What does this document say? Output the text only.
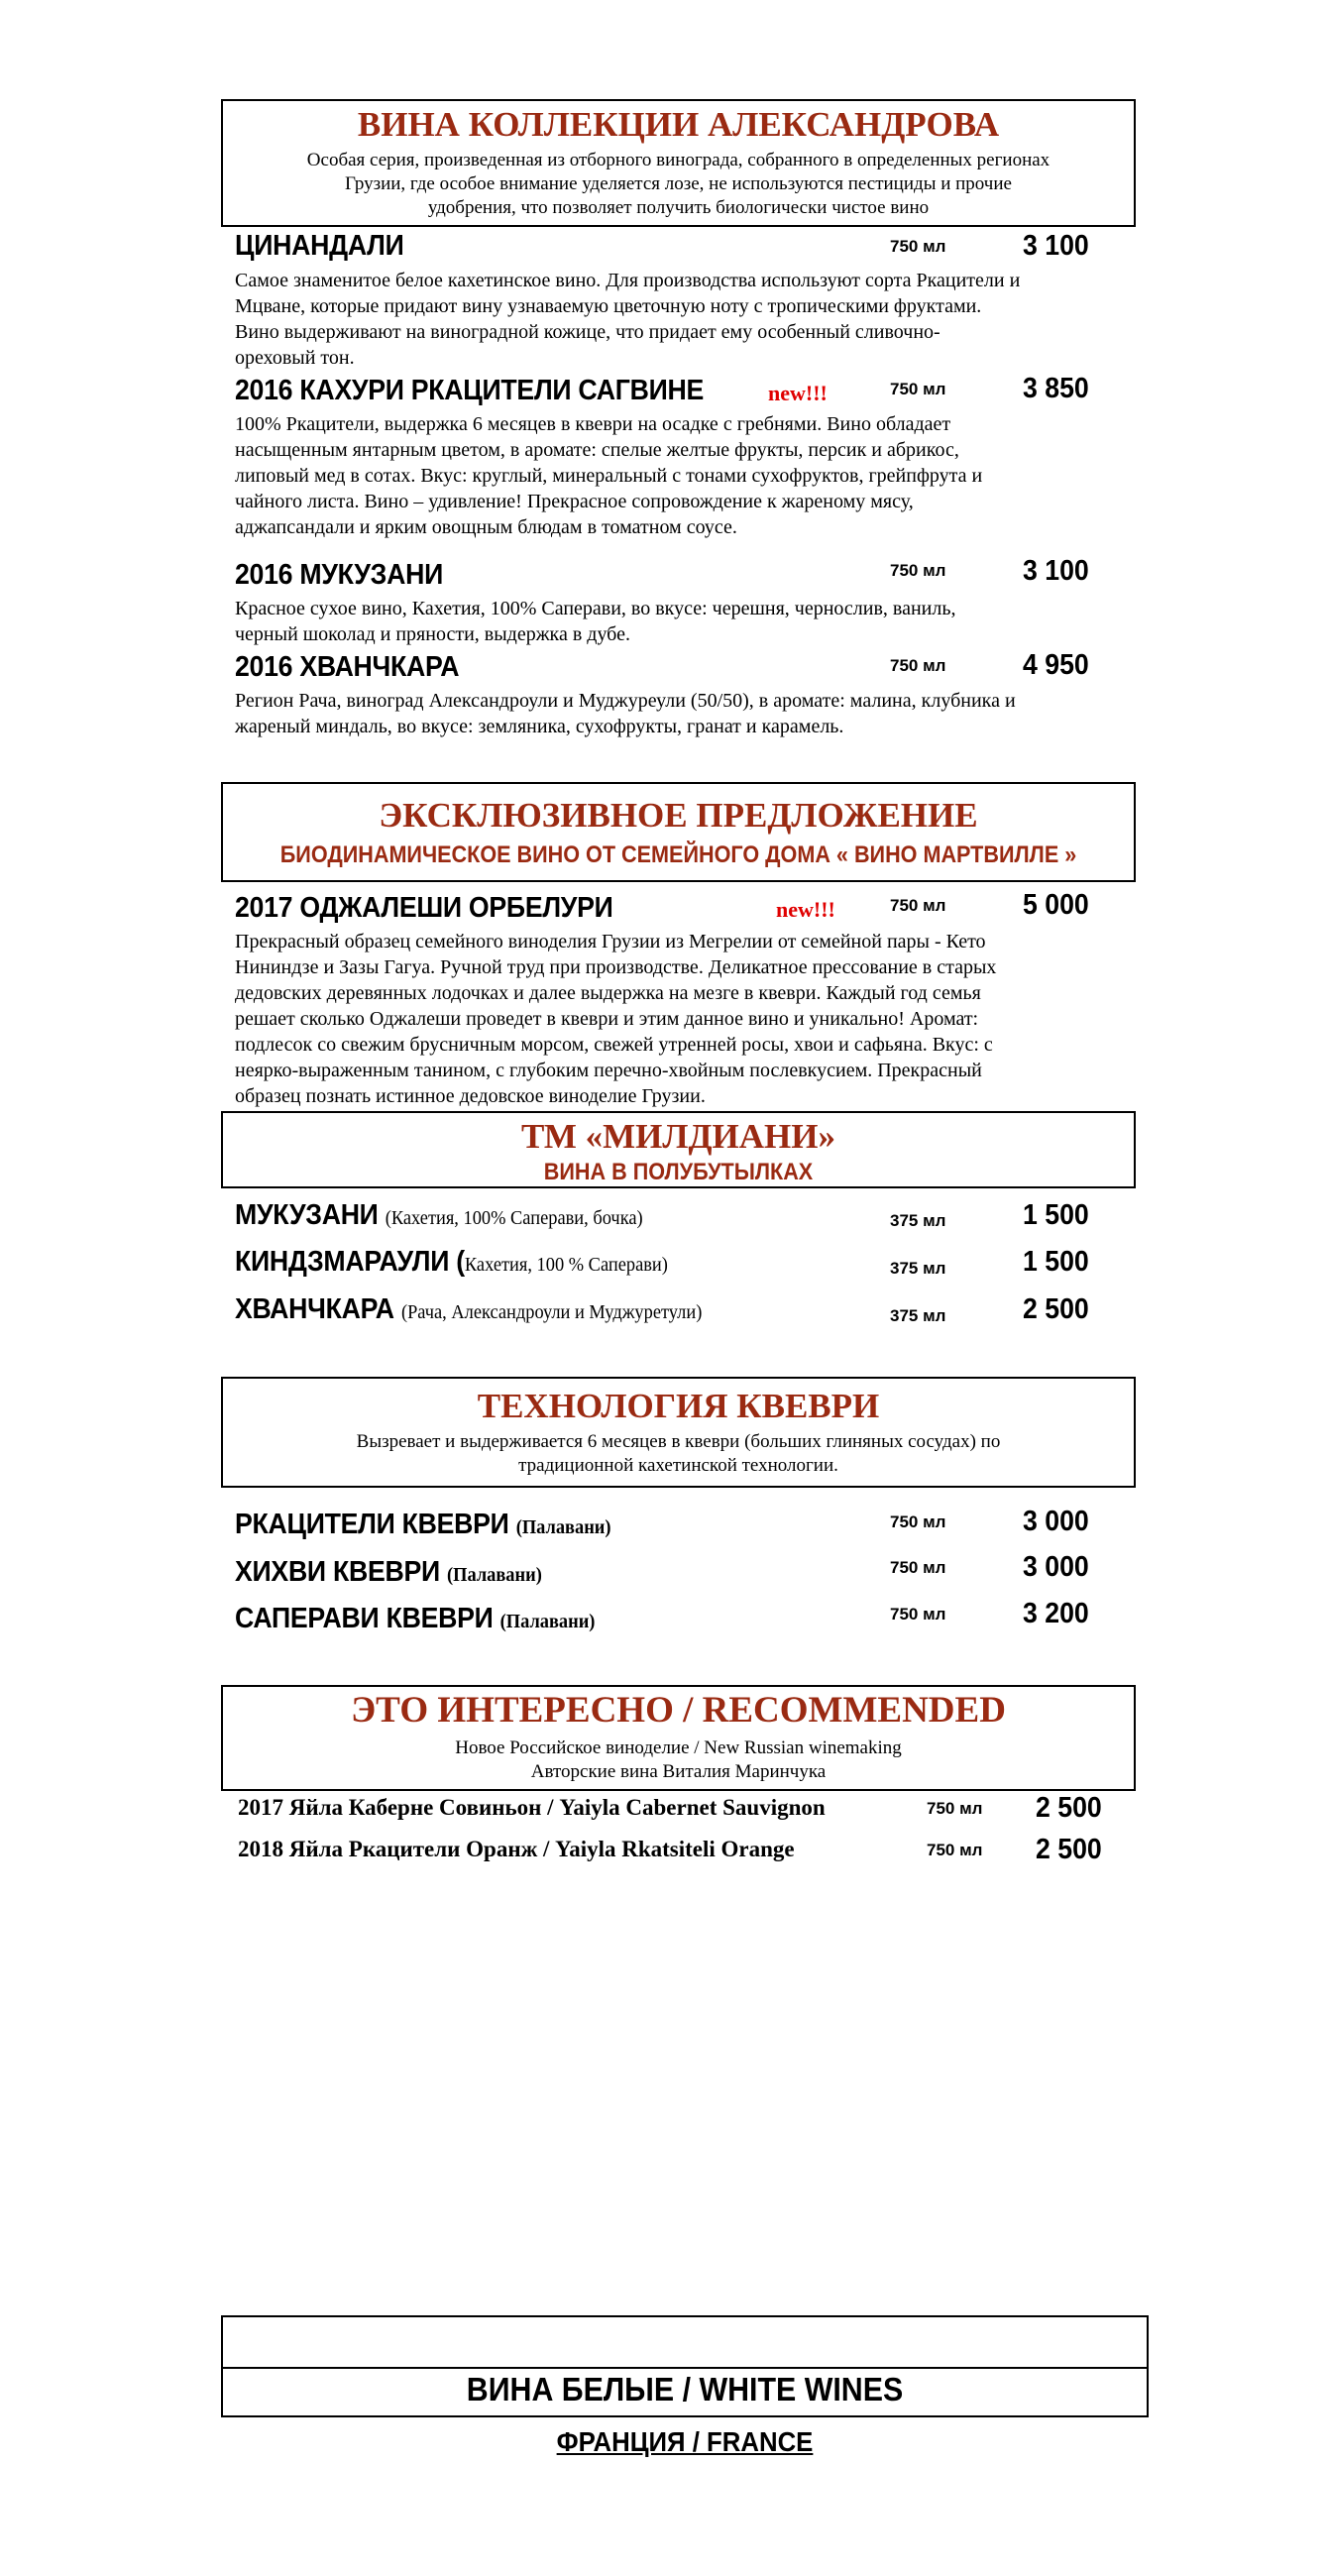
ВИНА КОЛЛЕКЦИИ АЛЕКСАНДРОВА
Особая серия, произведенная из отборного винограда, собранного в определенных регионах
Грузии, где особое внимание уделяется лозе, не используются пестициды и прочие
удобрения, что позволяет получить биологически чистое вино
ЦИНАНДАЛИ	750 мл	3 100
Самое знаменитое белое кахетинское вино. Для производства используют сорта Ркацители и
Мцване, которые придают вину узнаваемую цветочную ноту с тропическими фруктами.
Вино выдерживают на виноградной кожице, что придает ему особенный сливочно-
ореховый тон.
2016 КАХУРИ РКАЦИТЕЛИ САГВИНЕ	new!!!	750 мл	3 850
100% Ркацители, выдержка 6 месяцев в квеври на осадке с гребнями. Вино обладает
насыщенным янтарным цветом, в аромате: спелые желтые фрукты, персик и абрикос,
липовый мед в сотах. Вкус: круглый, минеральный с тонами сухофруктов, грейпфрута и
чайного листа. Вино – удивление! Прекрасное сопровождение к жареному мясу,
аджапсандали и ярким овощным блюдам в томатном соусе.
2016 МУКУЗАНИ	750 мл	3 100
Красное сухое вино, Кахетия, 100% Саперави, во вкусе: черешня, чернослив, ваниль,
черный шоколад и пряности, выдержка в дубе.
2016 ХВАНЧКАРА	750 мл	4 950
Регион Рача, виноград Александроули и Муджуреули (50/50), в аромате: малина, клубника и
жареный миндаль, во вкусе: земляника, сухофрукты, гранат и карамель.
ЭКСКЛЮЗИВНОЕ ПРЕДЛОЖЕНИЕ
БИОДИНАМИЧЕСКОЕ ВИНО ОТ СЕМЕЙНОГО ДОМА « ВИНО МАРТВИЛЛЕ »
2017 ОДЖАЛЕШИ ОРБЕЛУРИ	new!!!	750 мл	5 000
Прекрасный образец семейного виноделия Грузии из Мегрелии от семейной пары - Кето
Нининдзе и Зазы Гагуа. Ручной труд при производстве. Деликатное прессование в старых
дедовских деревянных лодочках и далее выдержка на мезге в квеври. Каждый год семья
решает сколько Оджалеши проведет в квеври и этим данное вино и уникально! Аромат:
подлесок со свежим брусничным морсом, свежей утренней росы, хвои и сафьяна. Вкус: с
неярко-выраженным танином, с глубоким перечно-хвойным послевкусием. Прекрасный
образец познать истинное дедовское виноделие Грузии.
ТМ «МИЛДИАНИ»
ВИНА В ПОЛУБУТЫЛКАХ
МУКУЗАНИ (Кахетия, 100% Саперави, бочка)	375 мл	1 500
КИНДЗМАРАУЛИ (Кахетия, 100 % Саперави)	375 мл	1 500
ХВАНЧКАРА (Рача, Александроули и Муджуретули)	375 мл	2 500
ТЕХНОЛОГИЯ КВЕВРИ
Вызревает и выдерживается 6 месяцев в квеври (больших глиняных сосудах) по
традиционной кахетинской технологии.
РКАЦИТЕЛИ КВЕВРИ (Палавани)	750 мл	3 000
ХИХВИ КВЕВРИ (Палавани)	750 мл	3 000
САПЕРАВИ КВЕВРИ (Палавани)	750 мл	3 200
ЭТО ИНТЕРЕСНО / RECOMMENDED
Новое Российское виноделие / New Russian winemaking
Авторские вина Виталия Маринчука
2017 Яйла Каберне Совиньон / Yaiyla Cabernet Sauvignon	750 мл 2 500
2018 Яйла Ркацители Оранж / Yaiyla Rkatsiteli Orange	750 мл 2 500
ВИНА БЕЛЫЕ / WHITE WINES
ФРАНЦИЯ / FRANCE
